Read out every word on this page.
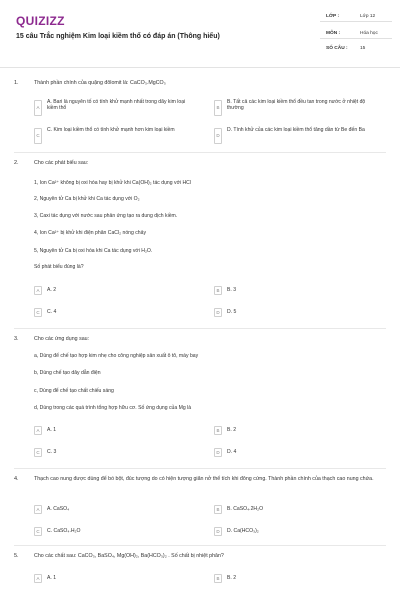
QUIZIZZ
15 câu Trắc nghiệm Kim loại kiềm thổ có đáp án (Thông hiểu)
LỚP :	Lớp 12
MÔN :	Hóa học
SỐ CÂU :	15
1.	Thành phần chính của quặng đôlomit là: CaCO₃.MgCO₃
A
A. Bari là nguyên tố có tính khử mạnh nhất trong dãy kim loại kiềm thổ	B
B. Tất cả các kim loại kiềm thổ đều tan trong nước ở nhiệt độ thường
C
C. Kim loại kiềm thổ có tính khử mạnh hơn kim loại kiềm
D
D. Tính khử của các kim loại kiềm thổ tăng dần từ Be đến Ba
2.	Cho các phát biểu sau:
1, Ion Ca²⁺ không bị oxi hóa hay bị khử khi Ca(OH)₂ tác dụng với HCl
2, Nguyên tử Ca bị khử khi Ca tác dụng với O₂
3, Caxi tác dụng với nước sau phản ứng tạo ra dung dịch kiềm.
4, Ion Ca²⁺ bị khử khi điện phân CaCl₂ nóng chảy
5, Nguyên tử Ca bị oxi hóa khi Ca tác dụng với H₂O.
Số phát biểu đúng là?
A	A. 2	B	B. 3
C	C. 4	D	D. 5
3.	Cho các ứng dụng sau:
a, Dùng để chế tạo hợp kim nhẹ cho công nghiệp sản xuất ô tô, máy bay
b, Dùng chế tạo dây dẫn điện
c, Dùng để chế tạo chất chiếu sáng
d, Dùng trong các quá trình tổng hợp hữu cơ. Số ứng dụng của Mg là
A	A. 1	B	B. 2
C	C. 3	D	D. 4
4.	Thạch cao nung được dùng để bó bột, đúc tượng do có hiện tượng giãn nở thể tích khi đông cứng. Thành phần chính của thạch cao nung chứa.
A	A. CaSO₄	B	B. CaSO₄.2H₂O
C	C. CaSO₄.H₂O	D	D. Ca(HCO₃)₂
5.	Cho các chất sau: CaCO₃, BaSO₄, Mg(OH)₂, Ba(HCO₃)₂ . Số chất bị nhiệt phân?
A	A. 1	B	B. 2
